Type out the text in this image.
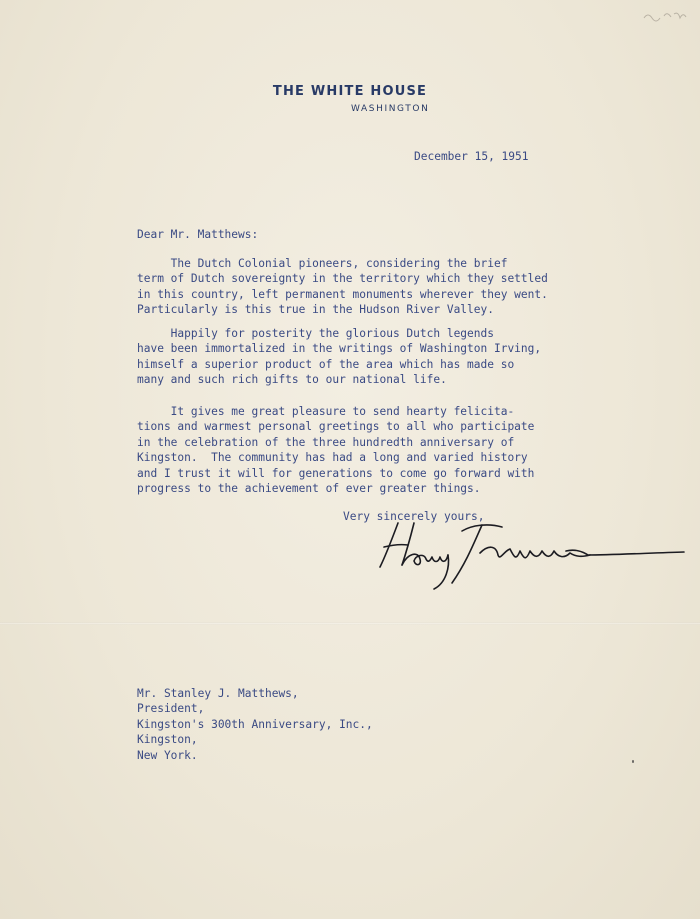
THE WHITE HOUSE
WASHINGTON

December 15, 1951

Dear Mr. Matthews:

The Dutch Colonial pioneers, considering the brief
term of Dutch sovereignty in the territory which they settled
in this country, left permanent monuments wherever they went.
Particularly is this true in the Hudson River Valley.

Happily for posterity the glorious Dutch legends
have been immortalized in the writings of Washington Irving,
himself a superior product of the area which has made so
many and such rich gifts to our national life.

It gives me great pleasure to send hearty felicita-
tions and warmest personal greetings to all who participate
in the celebration of the three hundredth anniversary of
Kingston.  The community has had a long and varied history
and I trust it will for generations to come go forward with
progress to the achievement of ever greater things.

Very sincerely yours,

Mr. Stanley J. Matthews,
President,
Kingston's 300th Anniversary, Inc.,
Kingston,
New York.
